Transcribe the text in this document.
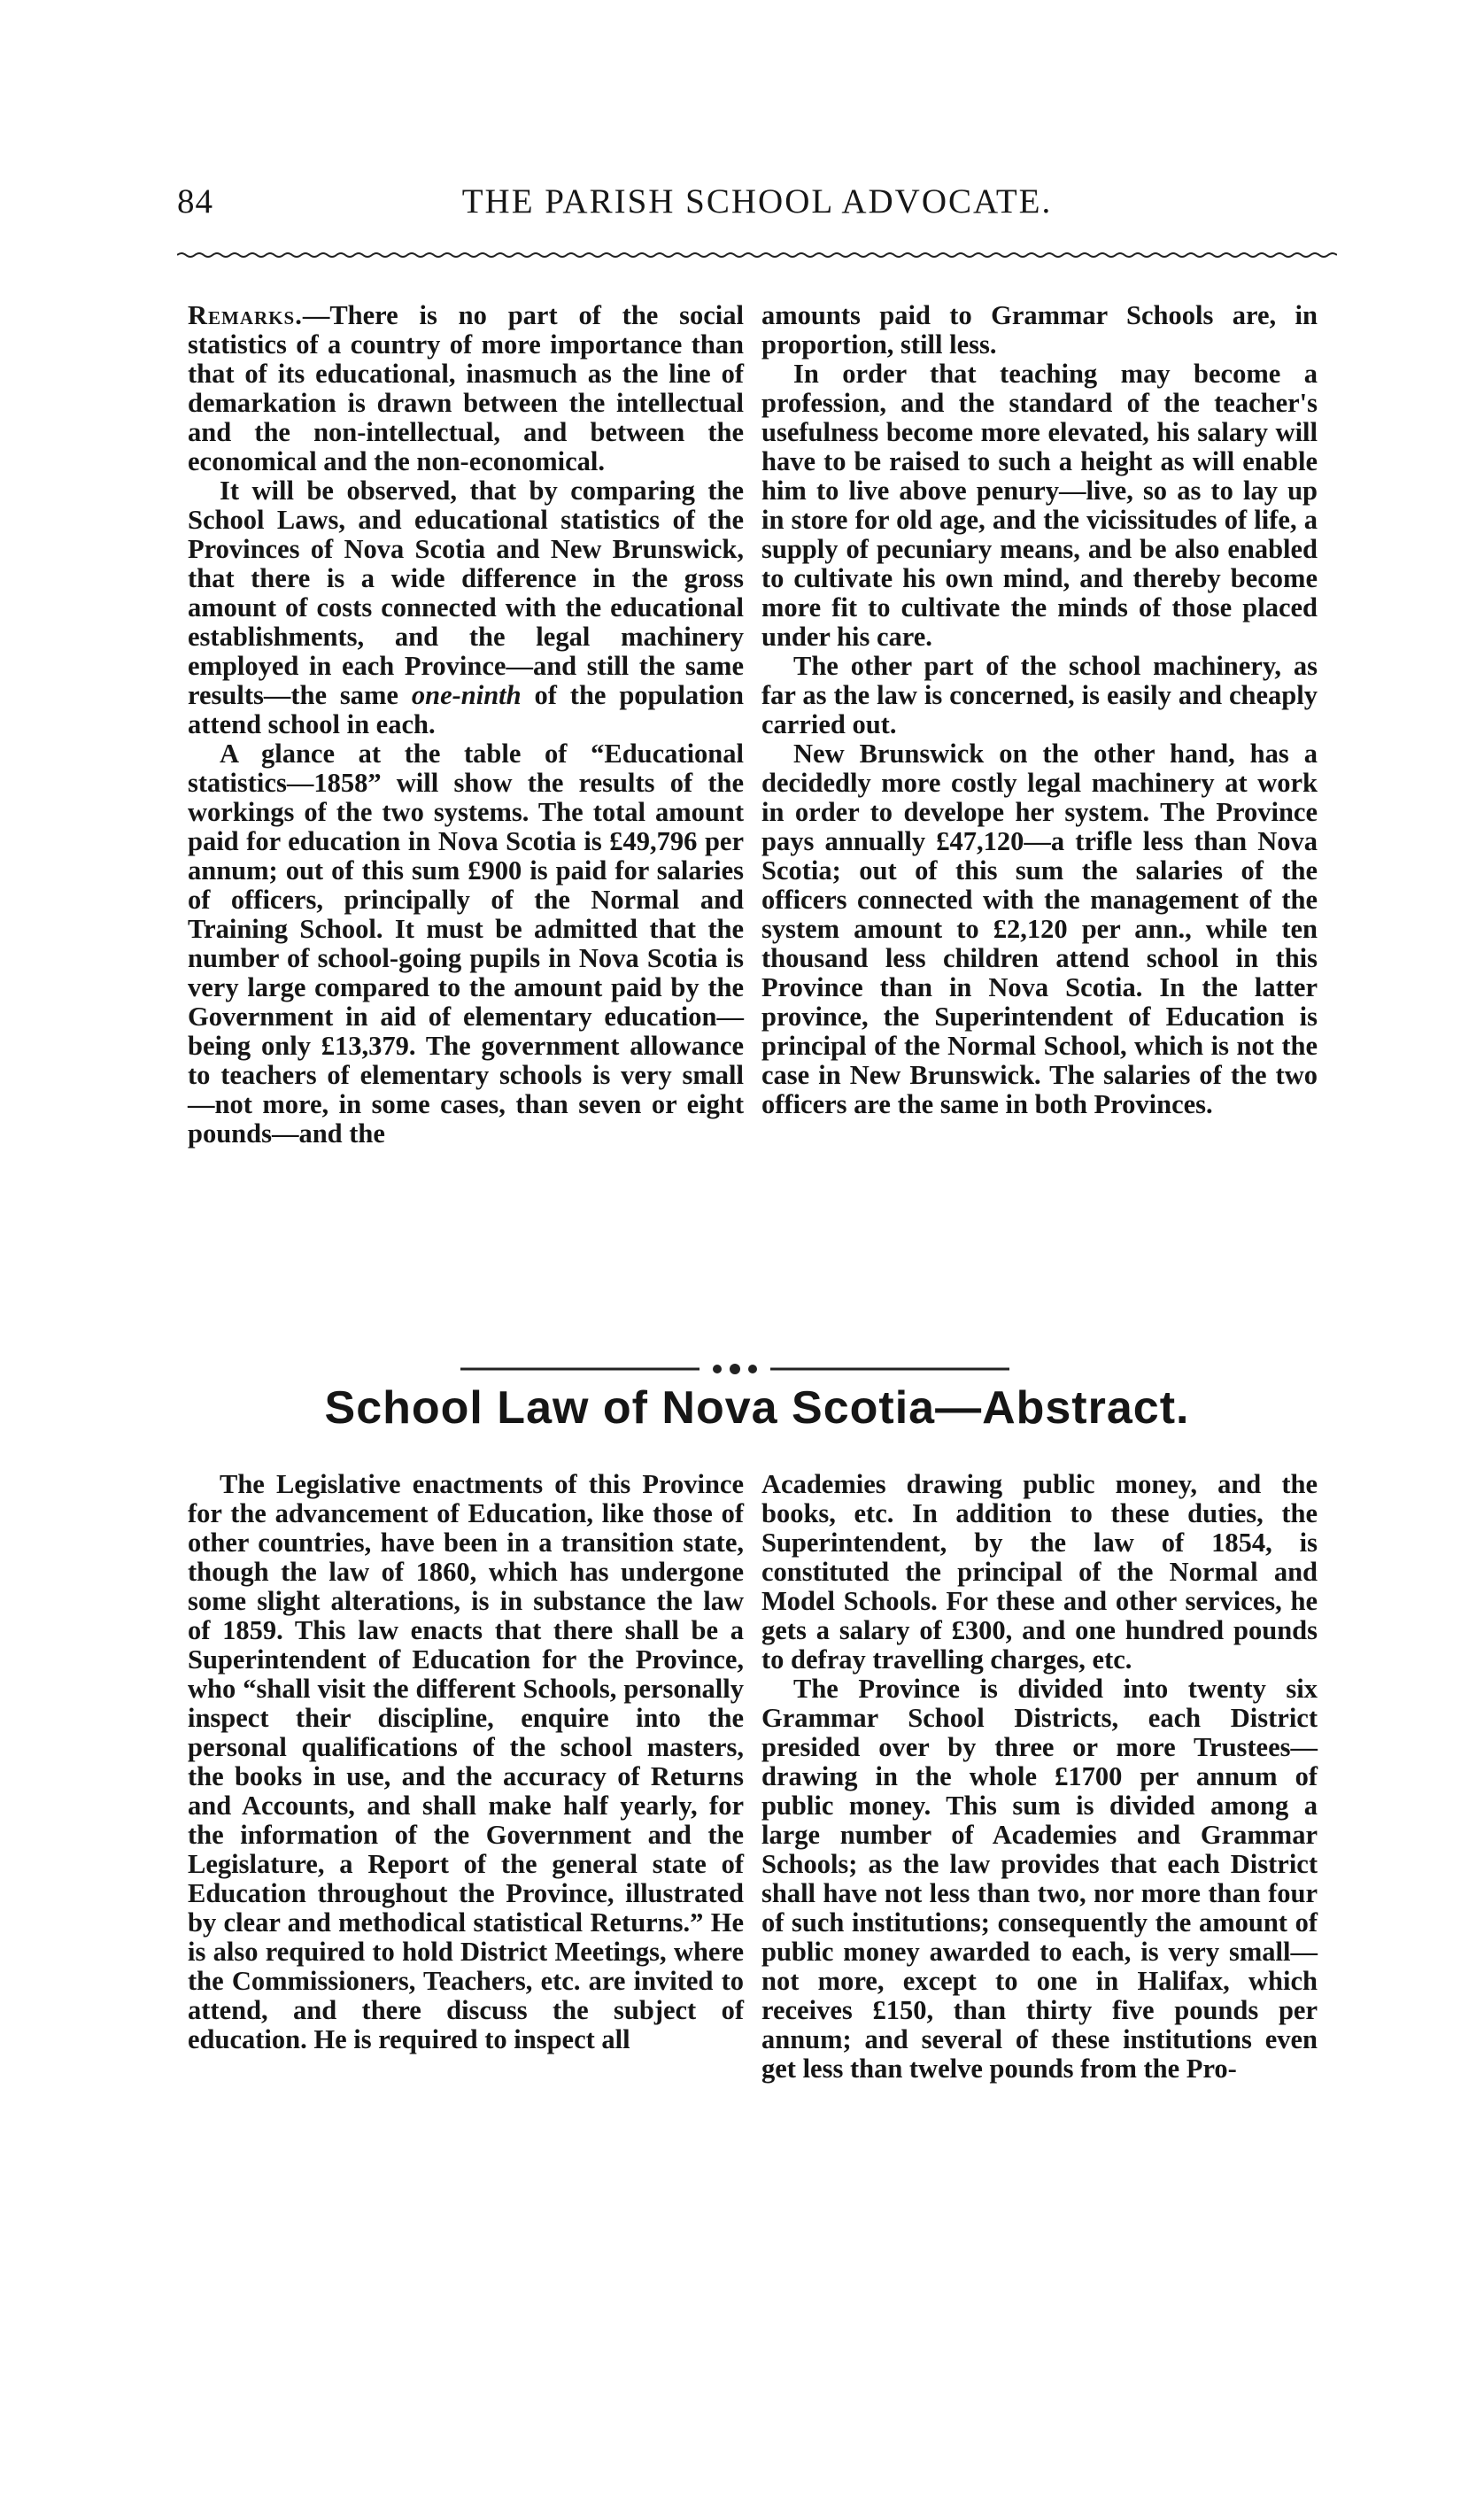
84	THE PARISH SCHOOL ADVOCATE.

Remarks.—There is no part of the social statistics of a country of more importance than that of its educational, inasmuch as the line of demarkation is drawn between the intellectual and the non-intellectual, and between the economical and the non-economical.

It will be observed, that by comparing the School Laws, and educational statistics of the Provinces of Nova Scotia and New Brunswick, that there is a wide difference in the gross amount of costs connected with the educational establishments, and the legal machinery employed in each Province—and still the same results—the same one-ninth of the population attend school in each.

A glance at the table of “Educational statistics—1858” will show the results of the workings of the two systems. The total amount paid for education in Nova Scotia is £49,796 per annum; out of this sum £900 is paid for salaries of officers, principally of the Normal and Training School. It must be admitted that the number of school-going pupils in Nova Scotia is very large compared to the amount paid by the Government in aid of elementary education—being only £13,379. The government allowance to teachers of elementary schools is very small—not more, in some cases, than seven or eight pounds—and the

amounts paid to Grammar Schools are, in proportion, still less.

In order that teaching may become a profession, and the standard of the teacher's usefulness become more elevated, his salary will have to be raised to such a height as will enable him to live above penury—live, so as to lay up in store for old age, and the vicissitudes of life, a supply of pecuniary means, and be also enabled to cultivate his own mind, and thereby become more fit to cultivate the minds of those placed under his care.

The other part of the school machinery, as far as the law is concerned, is easily and cheaply carried out.

New Brunswick on the other hand, has a decidedly more costly legal machinery at work in order to develope her system. The Province pays annually £47,120—a trifle less than Nova Scotia; out of this sum the salaries of the officers connected with the management of the system amount to £2,120 per ann., while ten thousand less children attend school in this Province than in Nova Scotia. In the latter province, the Superintendent of Education is principal of the Normal School, which is not the case in New Brunswick. The salaries of the two officers are the same in both Provinces.

School Law of Nova Scotia—Abstract.

The Legislative enactments of this Province for the advancement of Education, like those of other countries, have been in a transition state, though the law of 1860, which has undergone some slight alterations, is in substance the law of 1859. This law enacts that there shall be a Superintendent of Education for the Province, who “shall visit the different Schools, personally inspect their discipline, enquire into the personal qualifications of the school masters, the books in use, and the accuracy of Returns and Accounts, and shall make half yearly, for the information of the Government and the Legislature, a Report of the general state of Education throughout the Province, illustrated by clear and methodical statistical Returns.” He is also required to hold District Meetings, where the Commissioners, Teachers, etc. are invited to attend, and there discuss the subject of education. He is required to inspect all

Academies drawing public money, and the books, etc. In addition to these duties, the Superintendent, by the law of 1854, is constituted the principal of the Normal and Model Schools. For these and other services, he gets a salary of £300, and one hundred pounds to defray travelling charges, etc.

The Province is divided into twenty six Grammar School Districts, each District presided over by three or more Trustees—drawing in the whole £1700 per annum of public money. This sum is divided among a large number of Academies and Grammar Schools; as the law provides that each District shall have not less than two, nor more than four of such institutions; consequently the amount of public money awarded to each, is very small—not more, except to one in Halifax, which receives £150, than thirty five pounds per annum; and several of these institutions even get less than twelve pounds from the Pro-
